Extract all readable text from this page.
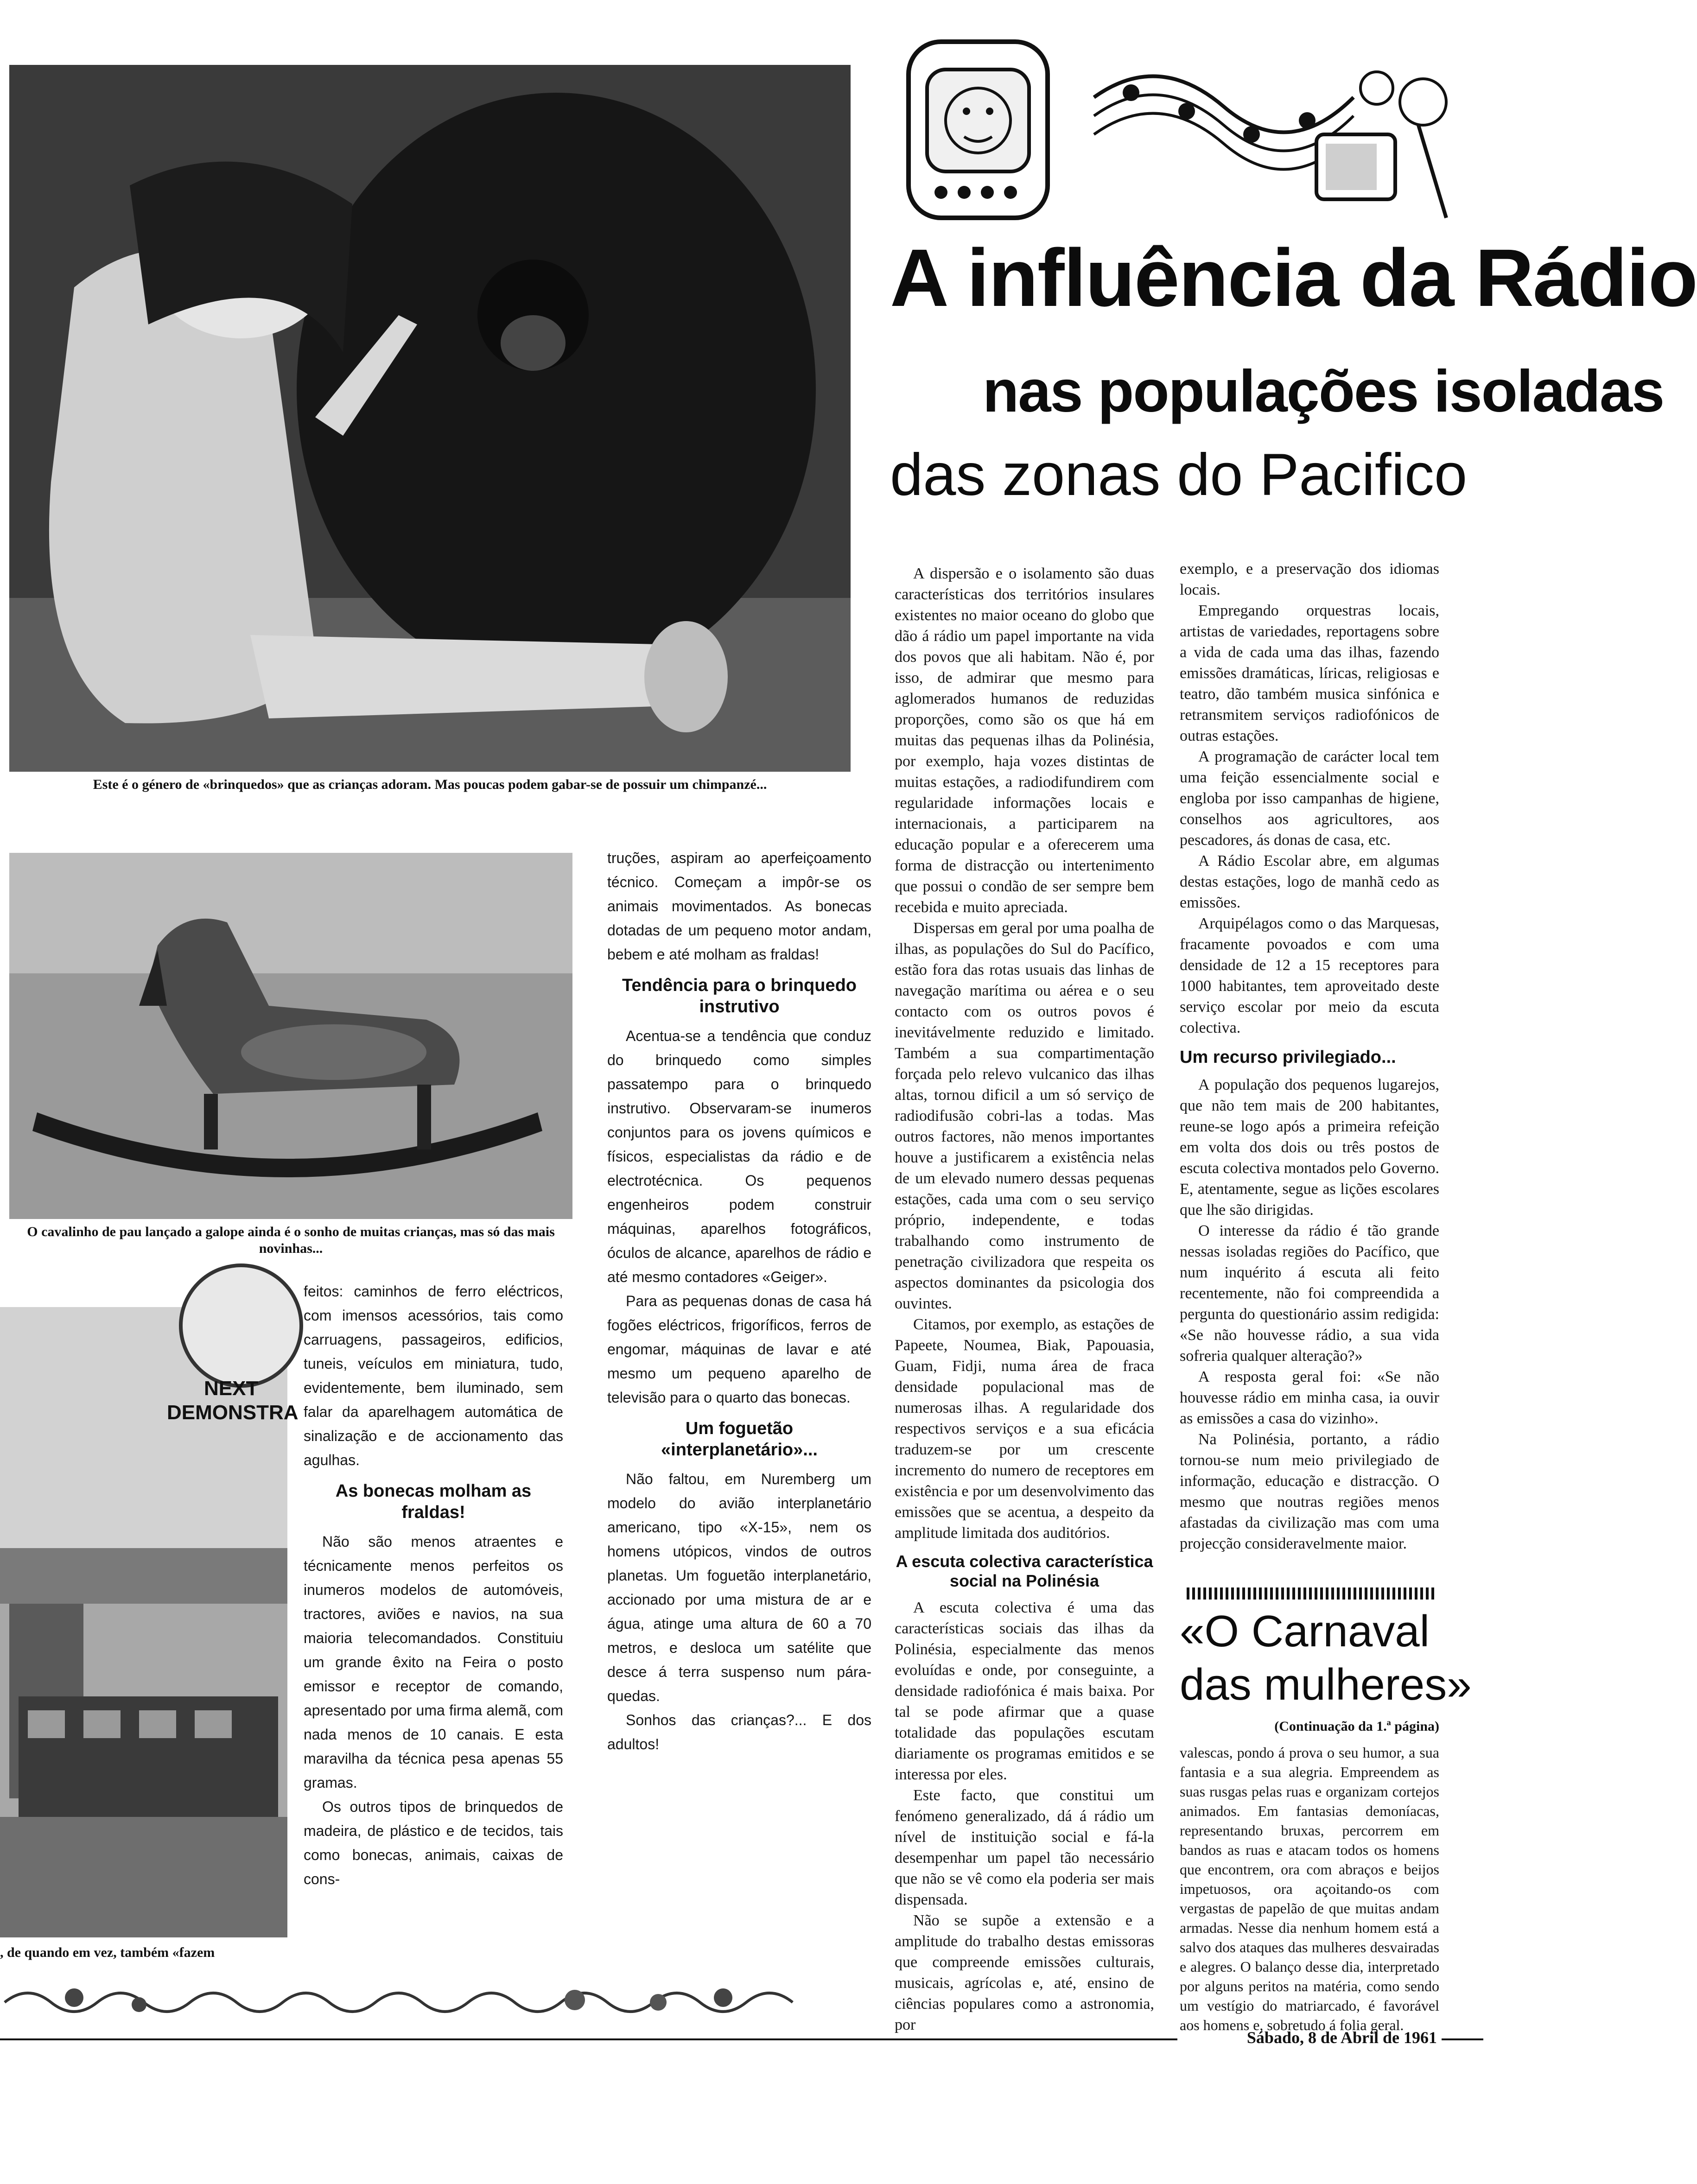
Este é o género de «brinquedos» que as crianças adoram. Mas poucas podem gabar-se de possuir um chimpanzé...
O cavalinho de pau lançado a galope ainda é o sonho de muitas crianças, mas só das mais novinhas...
NEXT
DEMONSTRA
, de quando em vez, também «fazem

feitos: caminhos de ferro eléctricos, com imensos acessórios, tais como carruagens, passageiros, edificios, tuneis, veículos em miniatura, tudo, evidentemente, bem iluminado, sem falar da aparelhagem automática de sinalização e de accionamento das agulhas.

As bonecas molham as fraldas!

Não são menos atraentes e técnicamente menos perfeitos os inumeros modelos de automóveis, tractores, aviões e navios, na sua maioria telecomandados. Constituiu um grande êxito na Feira o posto emissor e receptor de comando, apresentado por uma firma alemã, com nada menos de 10 canais. E esta maravilha da técnica pesa apenas 55 gramas.

Os outros tipos de brinquedos de madeira, de plástico e de tecidos, tais como bonecas, animais, caixas de cons-

truções, aspiram ao aperfeiçoamento técnico. Começam a impôr-se os animais movimentados. As bonecas dotadas de um pequeno motor andam, bebem e até molham as fraldas!

Tendência para o brinquedo instrutivo

Acentua-se a tendência que conduz do brinquedo como simples passatempo para o brinquedo instrutivo. Observaram-se inumeros conjuntos para os jovens químicos e físicos, especialistas da rádio e de electrotécnica. Os pequenos engenheiros podem construir máquinas, aparelhos fotográficos, óculos de alcance, aparelhos de rádio e até mesmo contadores «Geiger».

Para as pequenas donas de casa há fogões eléctricos, frigoríficos, ferros de engomar, máquinas de lavar e até mesmo um pequeno aparelho de televisão para o quarto das bonecas.

Um foguetão «interplanetário»...

Não faltou, em Nuremberg um modelo do avião interplanetário americano, tipo «X-15», nem os homens utópicos, vindos de outros planetas. Um foguetão interplanetário, accionado por uma mistura de ar e água, atinge uma altura de 60 a 70 metros, e desloca um satélite que desce á terra suspenso num pára-quedas.

Sonhos das crianças?... E dos adultos!

A influência da Rádio
nas populações isoladas
das zonas do Pacifico

A dispersão e o isolamento são duas características dos territórios insulares existentes no maior oceano do globo que dão á rádio um papel importante na vida dos povos que ali habitam. Não é, por isso, de admirar que mesmo para aglomerados humanos de reduzidas proporções, como são os que há em muitas das pequenas ilhas da Polinésia, por exemplo, haja vozes distintas de muitas estações, a radiodifundirem com regularidade informações locais e internacionais, a participarem na educação popular e a oferecerem uma forma de distracção ou intertenimento que possui o condão de ser sempre bem recebida e muito apreciada.

Dispersas em geral por uma poalha de ilhas, as populações do Sul do Pacífico, estão fora das rotas usuais das linhas de navegação marítima ou aérea e o seu contacto com os outros povos é inevitávelmente reduzido e limitado. Também a sua compartimentação forçada pelo relevo vulcanico das ilhas altas, tornou dificil a um só serviço de radiodifusão cobri-las a todas. Mas outros factores, não menos importantes houve a justificarem a existência nelas de um elevado numero dessas pequenas estações, cada uma com o seu serviço próprio, independente, e todas trabalhando como instrumento de penetração civilizadora que respeita os aspectos dominantes da psicologia dos ouvintes.

Citamos, por exemplo, as estações de Papeete, Noumea, Biak, Papouasia, Guam, Fidji, numa área de fraca densidade populacional mas de numerosas ilhas. A regularidade dos respectivos serviços e a sua eficácia traduzem-se por um crescente incremento do numero de receptores em existência e por um desenvolvimento das emissões que se acentua, a despeito da amplitude limitada dos auditórios.

A escuta colectiva característica social na Polinésia

A escuta colectiva é uma das características sociais das ilhas da Polinésia, especialmente das menos evoluídas e onde, por conseguinte, a densidade radiofónica é mais baixa. Por tal se pode afirmar que a quase totalidade das populações escutam diariamente os programas emitidos e se interessa por eles.

Este facto, que constitui um fenómeno generalizado, dá á rádio um nível de instituição social e fá-la desempenhar um papel tão necessário que não se vê como ela poderia ser mais dispensada.

Não se supõe a extensão e a amplitude do trabalho destas emissoras que compreende emissões culturais, musicais, agrícolas e, até, ensino de ciências populares como a astronomia, por

exemplo, e a preservação dos idiomas locais.

Empregando orquestras locais, artistas de variedades, reportagens sobre a vida de cada uma das ilhas, fazendo emissões dramáticas, líricas, religiosas e teatro, dão também musica sinfónica e retransmitem serviços radiofónicos de outras estações.

A programação de carácter local tem uma feição essencialmente social e engloba por isso campanhas de higiene, conselhos aos agricultores, aos pescadores, ás donas de casa, etc.

A Rádio Escolar abre, em algumas destas estações, logo de manhã cedo as emissões.

Arquipélagos como o das Marquesas, fracamente povoados e com uma densidade de 12 a 15 receptores para 1000 habitantes, tem aproveitado deste serviço escolar por meio da escuta colectiva.

Um recurso privilegiado...

A população dos pequenos lugarejos, que não tem mais de 200 habitantes, reune-se logo após a primeira refeição em volta dos dois ou três postos de escuta colectiva montados pelo Governo. E, atentamente, segue as lições escolares que lhe são dirigidas.

O interesse da rádio é tão grande nessas isoladas regiões do Pacífico, que num inquérito á escuta ali feito recentemente, não foi compreendida a pergunta do questionário assim redigida: «Se não houvesse rádio, a sua vida sofreria qualquer alteração?»

A resposta geral foi: «Se não houvesse rádio em minha casa, ia ouvir as emissões a casa do vizinho».

Na Polinésia, portanto, a rádio tornou-se num meio privilegiado de informação, educação e distracção. O mesmo que noutras regiões menos afastadas da civilização mas com uma projecção consideravelmente maior.

«O Carnaval
das mulheres»
(Continuação da 1.ª página)

valescas, pondo á prova o seu humor, a sua fantasia e a sua alegria. Empreendem as suas rusgas pelas ruas e organizam cortejos animados. Em fantasias demoníacas, representando bruxas, percorrem em bandos as ruas e atacam todos os homens que encontrem, ora com abraços e beijos impetuosos, ora açoitando-os com vergastas de papelão de que muitas andam armadas. Nesse dia nenhum homem está a salvo dos ataques das mulheres desvairadas e alegres. O balanço desse dia, interpretado por alguns peritos na matéria, como sendo um vestígio do matriarcado, é favorável aos homens e, sobretudo á folia geral.

Sábado, 8 de Abril de 1961
